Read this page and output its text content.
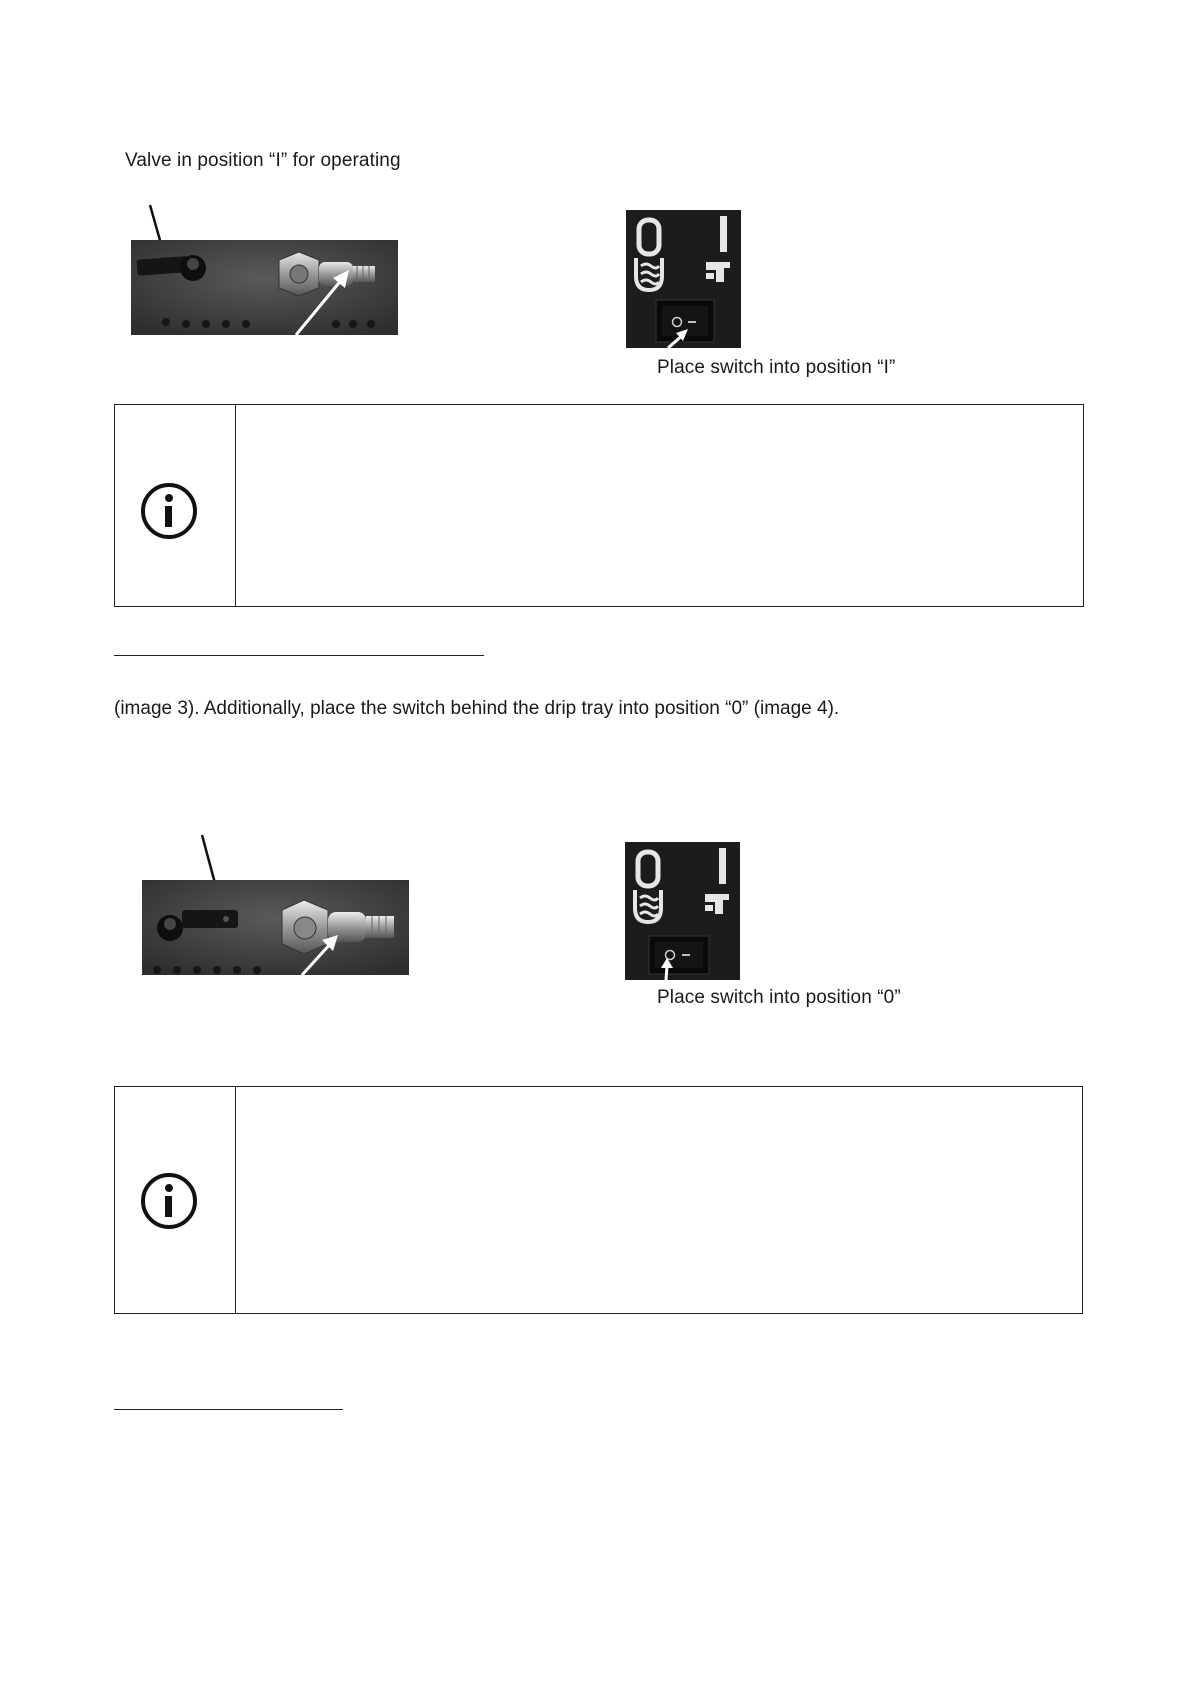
Valve in position “I” for operating
Place switch into position “I”
(image 3). Additionally, place the switch behind the drip tray into position “0” (image 4).
Place switch into position “0”
